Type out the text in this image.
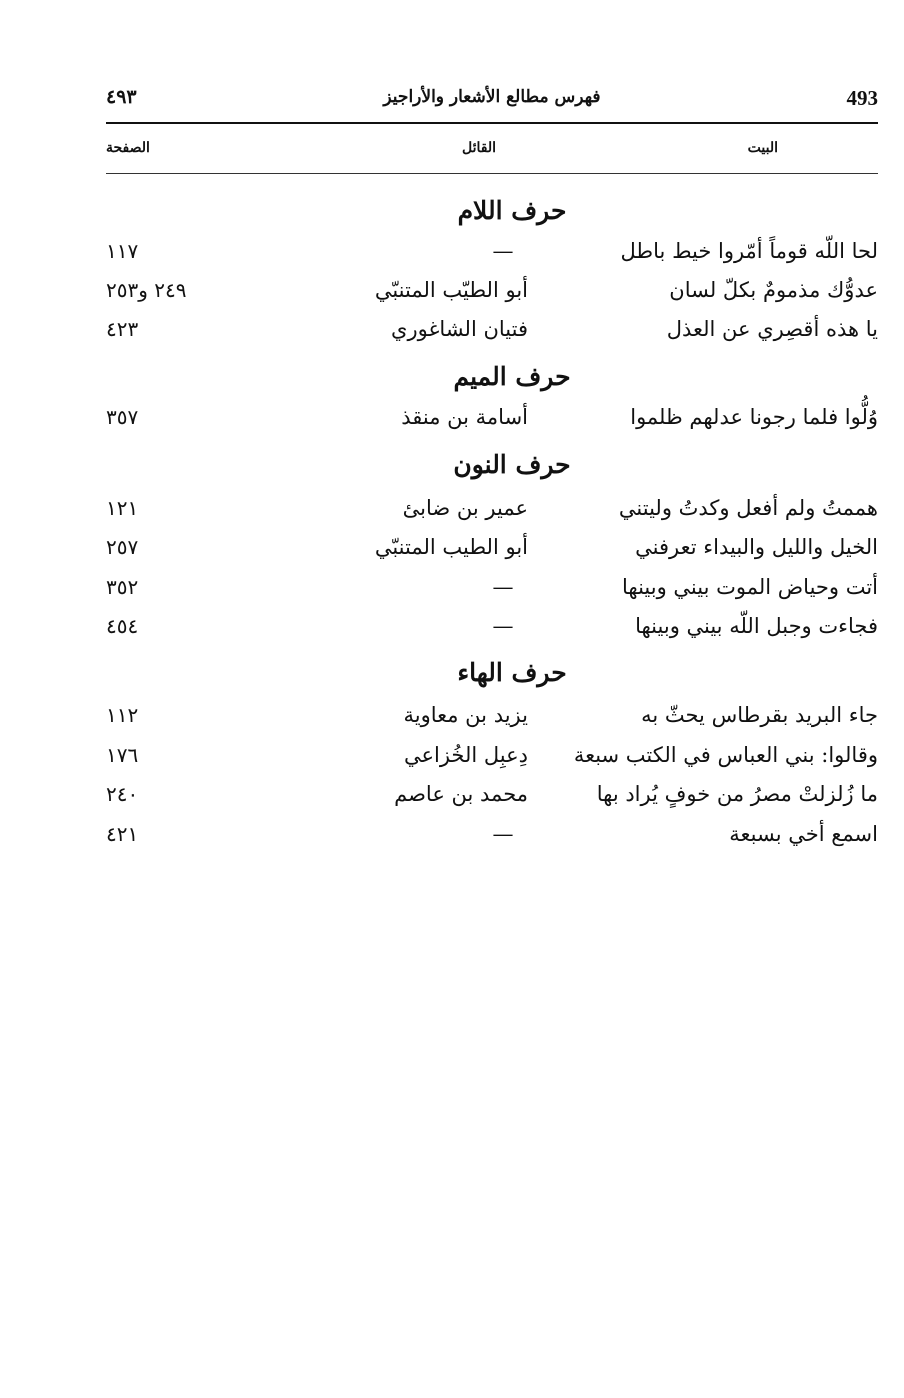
493
فهرس مطالع الأشعار والأراجيز
٤٩٣
البيت
القائل
الصفحة
حرف اللام
لحا اللّه قوماً أمّروا خيط باطل
—
١١٧
عدوُّك مذمومٌ بكلّ لسان
أبو الطيّب المتنبّي
٢٤٩ و٢٥٣
يا هذه أقصِري عن العذل
فتيان الشاغوري
٤٢٣
حرف الميم
وُلُّوا فلما رجونا عدلهم ظلموا
أسامة بن منقذ
٣٥٧
حرف النون
هممتُ ولم أفعل وكدتُ وليتني
عمير بن ضابئ
١٢١
الخيل والليل والبيداء تعرفني
أبو الطيب المتنبّي
٢٥٧
أتت وحياض الموت بيني وبينها
—
٣٥٢
فجاءت وجبل اللّه بيني وبينها
—
٤٥٤
حرف الهاء
جاء البريد بقرطاس يحثّ به
يزيد بن معاوية
١١٢
وقالوا: بني العباس في الكتب سبعة
دِعبِل الخُزاعي
١٧٦
ما زُلزلتْ مصرُ من خوفٍ يُراد بها
محمد بن عاصم
٢٤٠
اسمع أخي بسبعة
—
٤٢١
